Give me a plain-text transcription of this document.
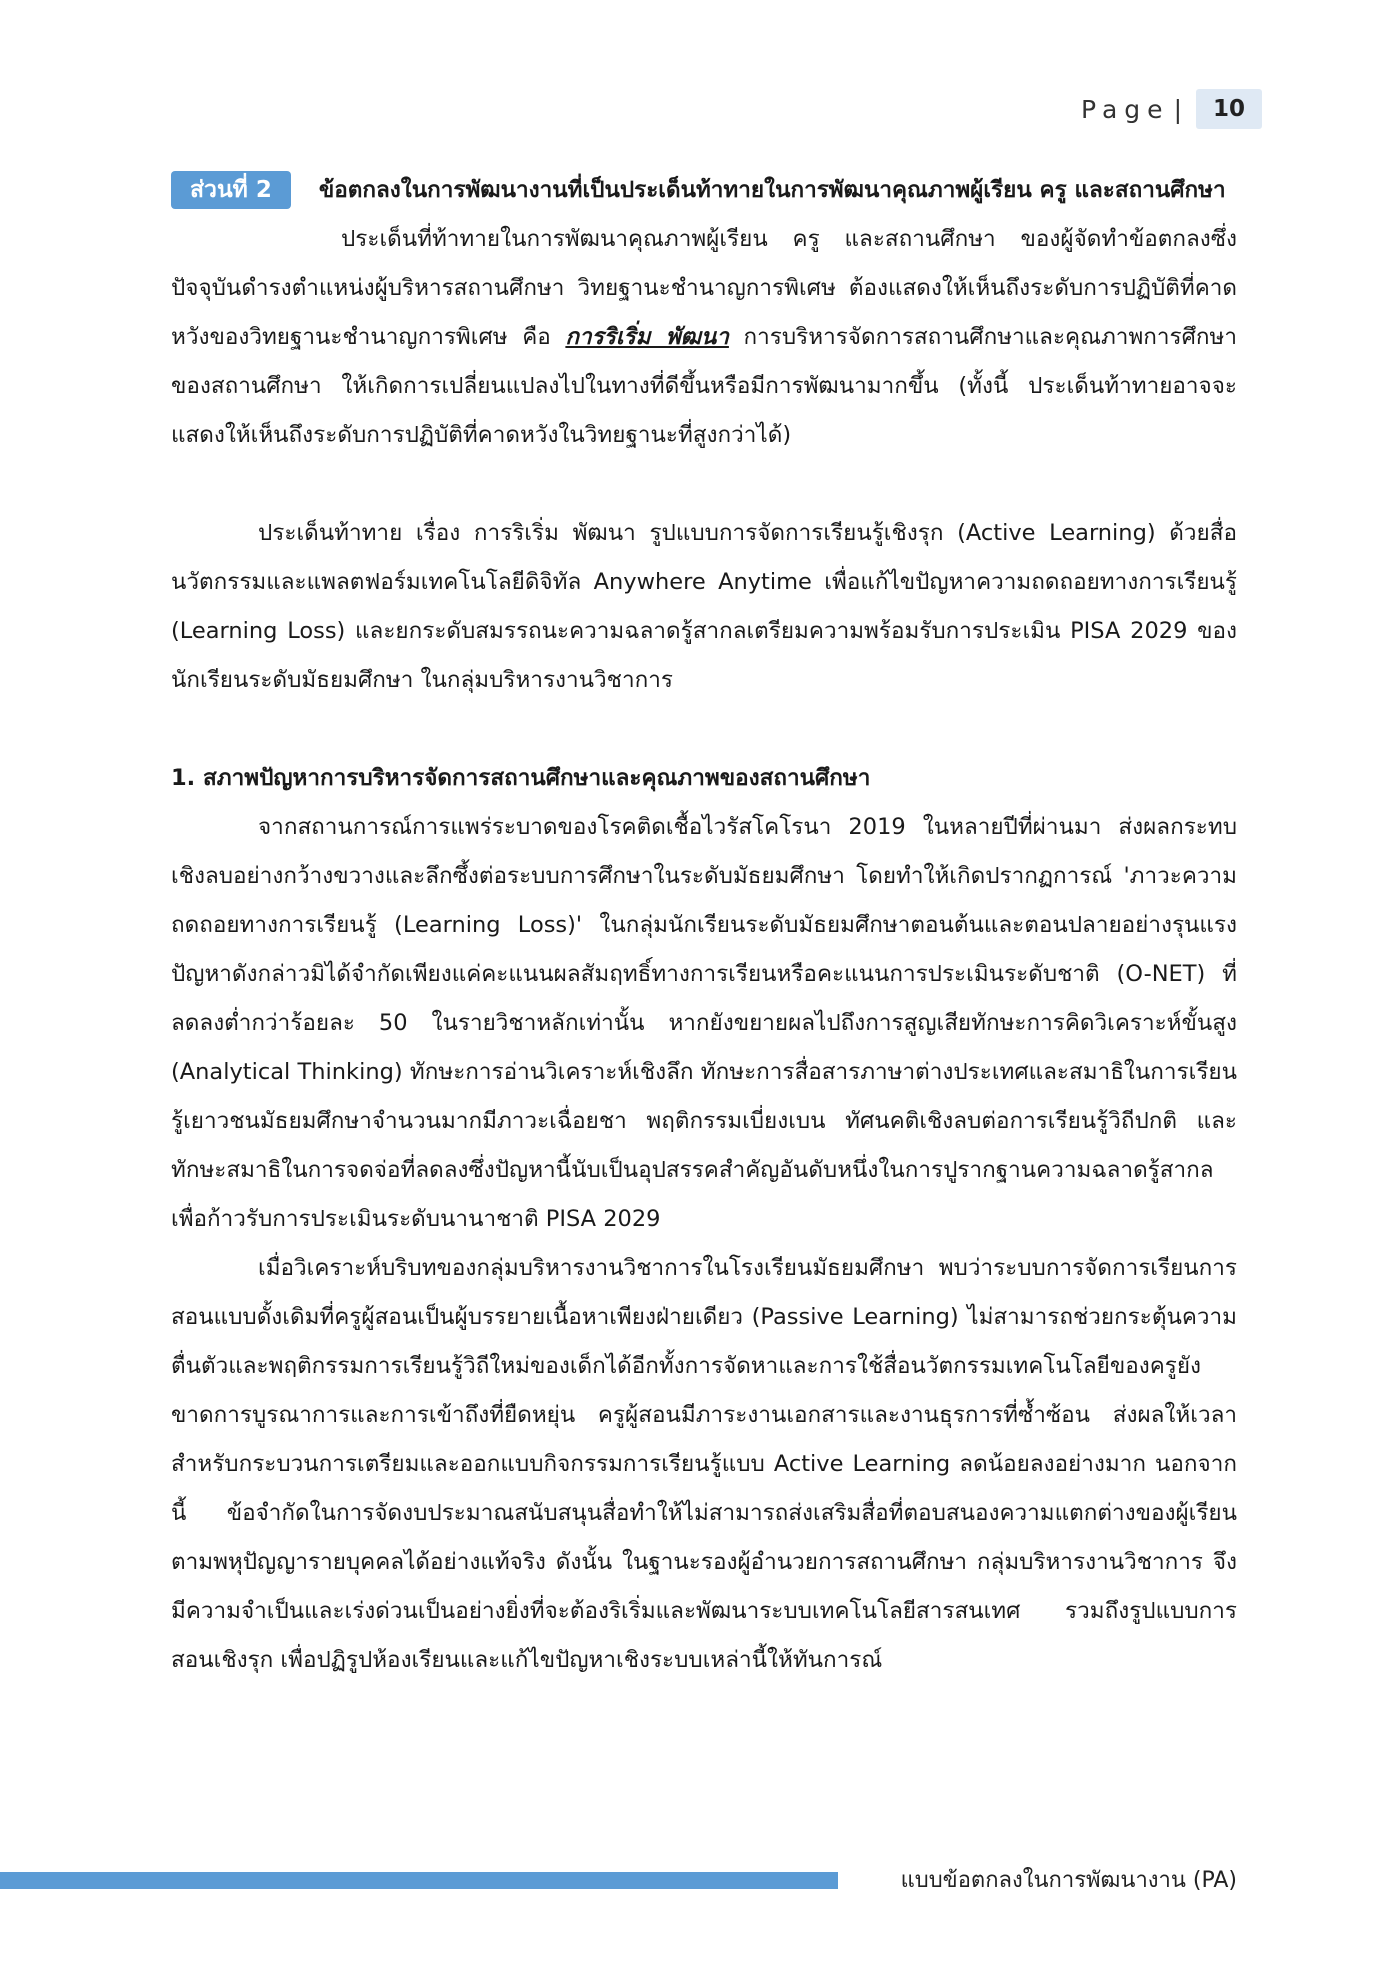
Page |	10
ส่วนที่ 2 ข้อตกลงในการพัฒนางานที่เป็นประเด็นท้าทายในการพัฒนาคุณภาพผู้เรียน ครู และสถานศึกษา

ประเด็นที่ท้าทายในการพัฒนาคุณภาพผู้เรียน ครู และสถานศึกษา ของผู้จัดทำข้อตกลงซึ่งปัจจุบันดำรงตำแหน่งผู้บริหารสถานศึกษา วิทยฐานะชำนาญการพิเศษ ต้องแสดงให้เห็นถึงระดับการปฏิบัติที่คาดหวังของวิทยฐานะชำนาญการพิเศษ คือ การริเริ่ม พัฒนา การบริหารจัดการสถานศึกษาและคุณภาพการศึกษาของสถานศึกษา ให้เกิดการเปลี่ยนแปลงไปในทางที่ดีขึ้นหรือมีการพัฒนามากขึ้น (ทั้งนี้ ประเด็นท้าทายอาจจะแสดงให้เห็นถึงระดับการปฏิบัติที่คาดหวังในวิทยฐานะที่สูงกว่าได้)

ประเด็นท้าทาย เรื่อง การริเริ่ม พัฒนา รูปแบบการจัดการเรียนรู้เชิงรุก (Active Learning) ด้วยสื่อนวัตกรรมและแพลตฟอร์มเทคโนโลยีดิจิทัล Anywhere Anytime เพื่อแก้ไขปัญหาความถดถอยทางการเรียนรู้ (Learning Loss) และยกระดับสมรรถนะความฉลาดรู้สากลเตรียมความพร้อมรับการประเมิน PISA 2029 ของนักเรียนระดับมัธยมศึกษา ในกลุ่มบริหารงานวิชาการ

1. สภาพปัญหาการบริหารจัดการสถานศึกษาและคุณภาพของสถานศึกษา

จากสถานการณ์การแพร่ระบาดของโรคติดเชื้อไวรัสโคโรนา 2019 ในหลายปีที่ผ่านมา ส่งผลกระทบเชิงลบอย่างกว้างขวางและลึกซึ้งต่อระบบการศึกษาในระดับมัธยมศึกษา โดยทำให้เกิดปรากฏการณ์ 'ภาวะความถดถอยทางการเรียนรู้ (Learning Loss)' ในกลุ่มนักเรียนระดับมัธยมศึกษาตอนต้นและตอนปลายอย่างรุนแรง ปัญหาดังกล่าวมิได้จำกัดเพียงแค่คะแนนผลสัมฤทธิ์ทางการเรียนหรือคะแนนการประเมินระดับชาติ (O-NET) ที่ลดลงต่ำกว่าร้อยละ 50 ในรายวิชาหลักเท่านั้น หากยังขยายผลไปถึงการสูญเสียทักษะการคิดวิเคราะห์ขั้นสูง (Analytical Thinking) ทักษะการอ่านวิเคราะห์เชิงลึก ทักษะการสื่อสารภาษาต่างประเทศและสมาธิในการเรียนรู้เยาวชนมัธยมศึกษาจำนวนมากมีภาวะเฉื่อยชา พฤติกรรมเบี่ยงเบน ทัศนคติเชิงลบต่อการเรียนรู้วิถีปกติ และทักษะสมาธิในการจดจ่อที่ลดลงซึ่งปัญหานี้นับเป็นอุปสรรคสำคัญอันดับหนึ่งในการปูรากฐานความฉลาดรู้สากลเพื่อก้าวรับการประเมินระดับนานาชาติ PISA 2029

เมื่อวิเคราะห์บริบทของกลุ่มบริหารงานวิชาการในโรงเรียนมัธยมศึกษา พบว่าระบบการจัดการเรียนการสอนแบบดั้งเดิมที่ครูผู้สอนเป็นผู้บรรยายเนื้อหาเพียงฝ่ายเดียว (Passive Learning) ไม่สามารถช่วยกระตุ้นความตื่นตัวและพฤติกรรมการเรียนรู้วิถีใหม่ของเด็กได้อีกทั้งการจัดหาและการใช้สื่อนวัตกรรมเทคโนโลยีของครูยังขาดการบูรณาการและการเข้าถึงที่ยืดหยุ่น ครูผู้สอนมีภาระงานเอกสารและงานธุรการที่ซ้ำซ้อน ส่งผลให้เวลาสำหรับกระบวนการเตรียมและออกแบบกิจกรรมการเรียนรู้แบบ Active Learning ลดน้อยลงอย่างมาก นอกจากนี้ ข้อจำกัดในการจัดงบประมาณสนับสนุนสื่อทำให้ไม่สามารถส่งเสริมสื่อที่ตอบสนองความแตกต่างของผู้เรียนตามพหุปัญญารายบุคคลได้อย่างแท้จริง ดังนั้น ในฐานะรองผู้อำนวยการสถานศึกษา กลุ่มบริหารงานวิชาการ จึงมีความจำเป็นและเร่งด่วนเป็นอย่างยิ่งที่จะต้องริเริ่มและพัฒนาระบบเทคโนโลยีสารสนเทศ รวมถึงรูปแบบการสอนเชิงรุก เพื่อปฏิรูปห้องเรียนและแก้ไขปัญหาเชิงระบบเหล่านี้ให้ทันการณ์

แบบข้อตกลงในการพัฒนางาน (PA)
